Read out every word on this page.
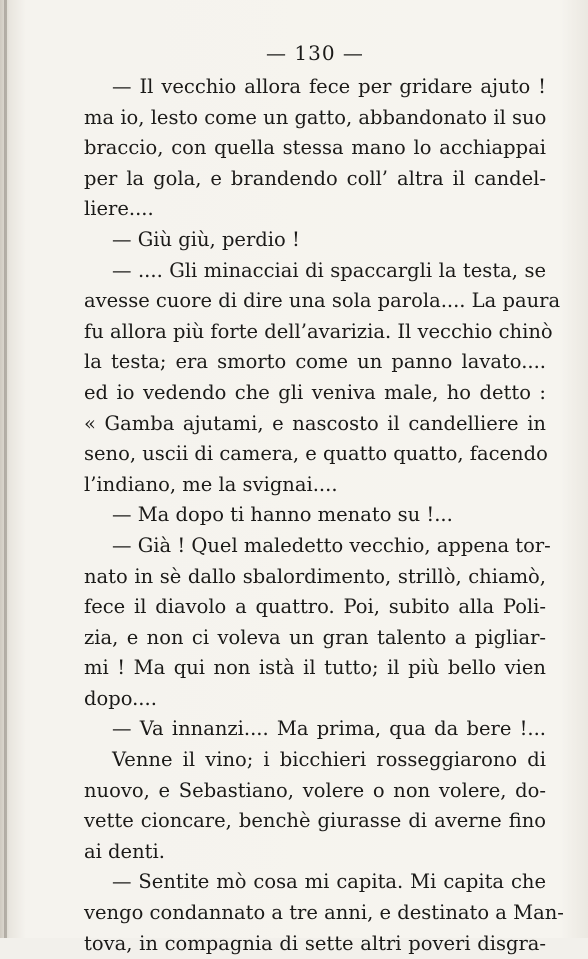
— 130 —
— Il vecchio allora fece per gridare ajuto !
ma io, lesto come un gatto, abbandonato il suo
braccio, con quella stessa mano lo acchiappai
per la gola, e brandendo coll’ altra il candel-
liere....
— Giù giù, perdio !
— .... Gli minacciai di spaccargli la testa, se
avesse cuore di dire una sola parola.... La paura
fu allora più forte dell’avarizia. Il vecchio chinò
la testa; era smorto come un panno lavato....
ed io vedendo che gli veniva male, ho detto :
« Gamba ajutami, e nascosto il candelliere in
seno, uscii di camera, e quatto quatto, facendo
l’indiano, me la svignai....
— Ma dopo ti hanno menato su !...
— Già ! Quel maledetto vecchio, appena tor-
nato in sè dallo sbalordimento, strillò, chiamò,
fece il diavolo a quattro. Poi, subito alla Poli-
zia, e non ci voleva un gran talento a pigliar-
mi ! Ma qui non istà il tutto; il più bello vien
dopo....
— Va innanzi.... Ma prima, qua da bere !...
Venne il vino; i bicchieri rosseggiarono di
nuovo, e Sebastiano, volere o non volere, do-
vette cioncare, benchè giurasse di averne fino
ai denti.
— Sentite mò cosa mi capita. Mi capita che
vengo condannato a tre anni, e destinato a Man-
tova, in compagnia di sette altri poveri disgra-
